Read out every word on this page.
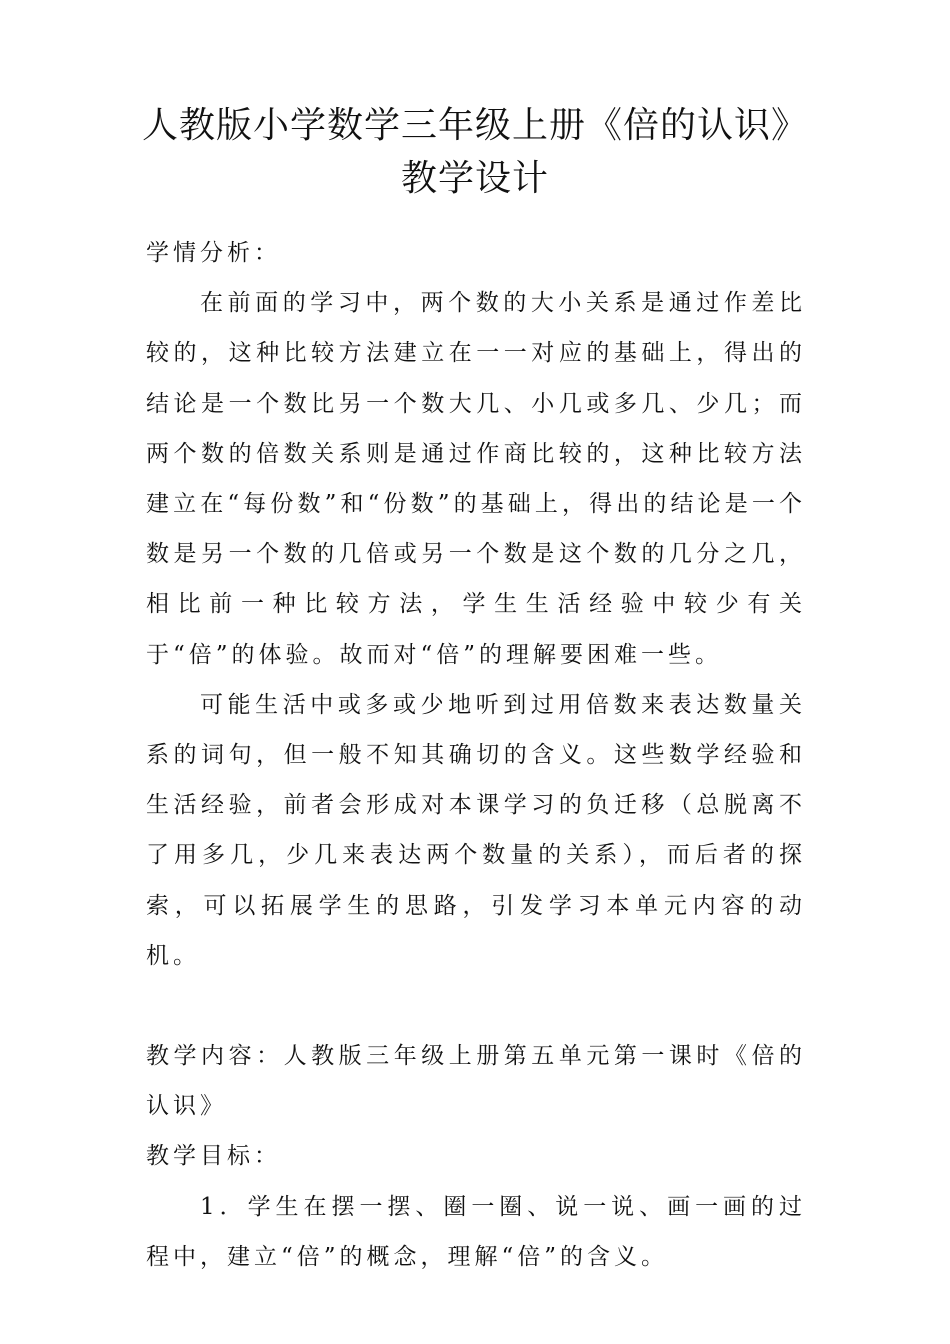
人教版小学数学三年级上册《倍的认识》
教学设计

学情分析：

在前面的学习中，两个数的大小关系是通过作差比较的，这种比较方法建立在一一对应的基础上，得出的结论是一个数比另一个数大几、小几或多几、少几；而两个数的倍数关系则是通过作商比较的，这种比较方法建立在“每份数”和“份数”的基础上，得出的结论是一个数是另一个数的几倍或另一个数是这个数的几分之几，相比前一种比较方法，学生生活经验中较少有关于“倍”的体验。故而对“倍”的理解要困难一些。

可能生活中或多或少地听到过用倍数来表达数量关系的词句，但一般不知其确切的含义。这些数学经验和生活经验，前者会形成对本课学习的负迁移（总脱离不了用多几，少几来表达两个数量的关系），而后者的探索，可以拓展学生的思路，引发学习本单元内容的动机。

教学内容：人教版三年级上册第五单元第一课时《倍的认识》

教学目标：

1．学生在摆一摆、圈一圈、说一说、画一画的过程中，建立“倍”的概念，理解“倍”的含义。
